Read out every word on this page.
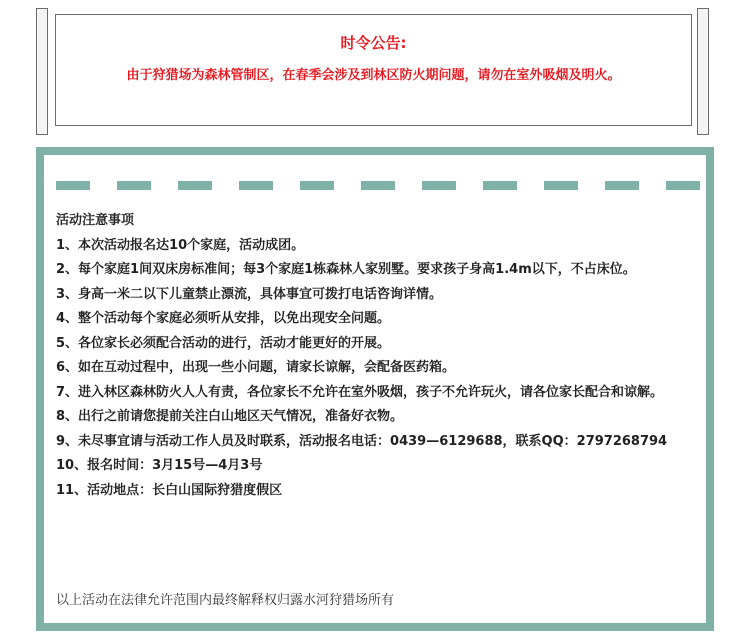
时令公告:
由于狩猎场为森林管制区，在春季会涉及到林区防火期问题，请勿在室外吸烟及明火。
活动注意事项
1、本次活动报名达10个家庭，活动成团。
2、每个家庭1间双床房标准间；每3个家庭1栋森林人家别墅。要求孩子身高1.4m以下，不占床位。
3、身高一米二以下儿童禁止漂流，具体事宜可拨打电话咨询详情。
4、整个活动每个家庭必须听从安排，以免出现安全问题。
5、各位家长必须配合活动的进行，活动才能更好的开展。
6、如在互动过程中，出现一些小问题，请家长谅解，会配备医药箱。
7、进入林区森林防火人人有责，各位家长不允许在室外吸烟，孩子不允许玩火，请各位家长配合和谅解。
8、出行之前请您提前关注白山地区天气情况，准备好衣物。
9、未尽事宜请与活动工作人员及时联系，活动报名电话：0439—6129688，联系QQ：2797268794
10、报名时间：3月15号—4月3号
11、活动地点：长白山国际狩猎度假区
以上活动在法律允许范围内最终解释权归露水河狩猎场所有
